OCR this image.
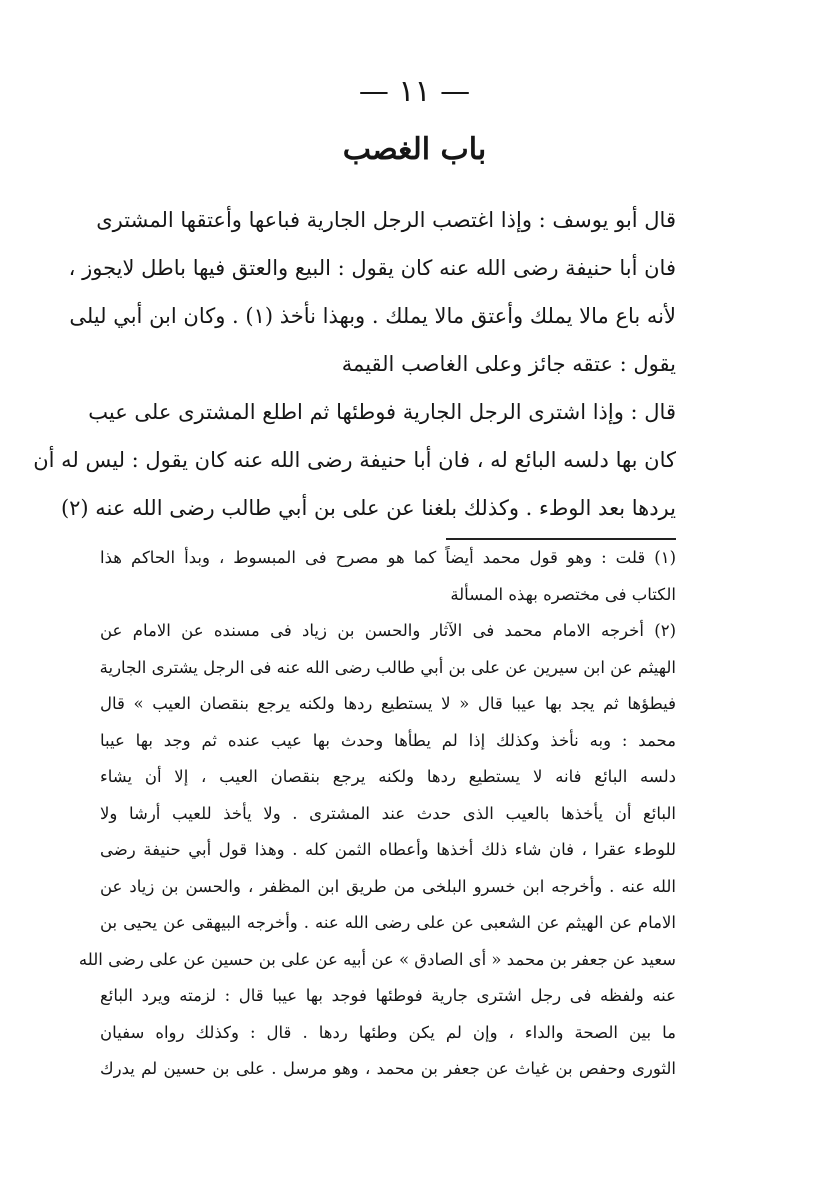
— ١١ —
باب الغصب
قال أبو يوسف : وإذا اغتصب الرجل الجارية فباعها وأعتقها المشترى
فان أبا حنيفة رضى الله عنه كان يقول : البيع والعتق فيها باطل لايجوز ،
لأنه باع مالا يملك وأعتق مالا يملك . وبهذا نأخذ (١) . وكان ابن أبي ليلى
يقول : عتقه جائز وعلى الغاصب القيمة
قال : وإذا اشترى الرجل الجارية فوطئها ثم اطلع المشترى على عيب
كان بها دلسه البائع له ، فان أبا حنيفة رضى الله عنه كان يقول : ليس له أن
يردها بعد الوطء . وكذلك بلغنا عن على بن أبي طالب رضى الله عنه (٢)
(١) قلت : وهو قول محمد أيضاً كما هو مصرح فى المبسوط ، وبدأ الحاكم هذا
الكتاب فى مختصره بهذه المسألة
(٢) أخرجه الامام محمد فى الآثار والحسن بن زياد فى مسنده عن الامام عن
الهيثم عن ابن سيرين عن على بن أبي طالب رضى الله عنه فى الرجل يشترى الجارية
فيطؤها ثم يجد بها عيبا قال « لا يستطيع ردها ولكنه يرجع بنقصان العيب » قال
محمد : وبه نأخذ وكذلك إذا لم يطأها وحدث بها عيب عنده ثم وجد بها عيبا
دلسه البائع فانه لا يستطيع ردها ولكنه يرجع بنقصان العيب ، إلا أن يشاء
البائع أن يأخذها بالعيب الذى حدث عند المشترى . ولا يأخذ للعيب أرشا ولا
للوطء عقرا ، فان شاء ذلك أخذها وأعطاه الثمن كله . وهذا قول أبي حنيفة رضى
الله عنه . وأخرجه ابن خسرو البلخى من طريق ابن المظفر ، والحسن بن زياد عن
الامام عن الهيثم عن الشعبى عن على رضى الله عنه . وأخرجه البيهقى عن يحيى بن
سعيد عن جعفر بن محمد « أى الصادق » عن أبيه عن على بن حسين عن على رضى الله
عنه ولفظه فى رجل اشترى جارية فوطئها فوجد بها عيبا قال : لزمته ويرد البائع
ما بين الصحة والداء ، وإن لم يكن وطئها ردها . قال : وكذلك رواه سفيان
الثورى وحفص بن غياث عن جعفر بن محمد ، وهو مرسل . على بن حسين لم يدرك
